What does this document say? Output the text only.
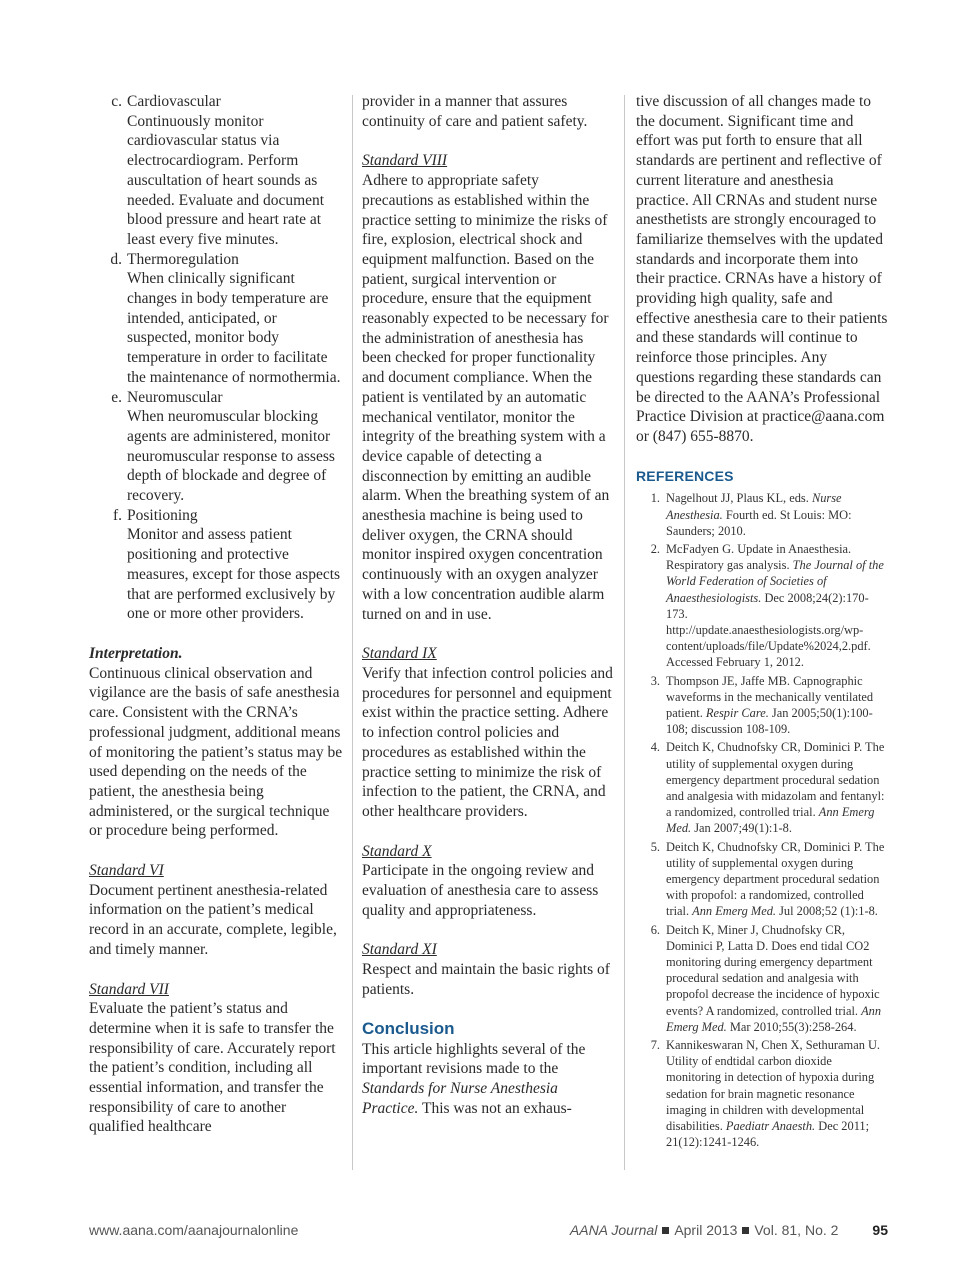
c. Cardiovascular
Continuously monitor cardiovascular status via electrocardiogram. Perform auscultation of heart sounds as needed. Evaluate and document blood pressure and heart rate at least every five minutes.
d. Thermoregulation
When clinically significant changes in body temperature are intended, anticipated, or suspected, monitor body temperature in order to facilitate the maintenance of normothermia.
e. Neuromuscular
When neuromuscular blocking agents are administered, monitor neuromuscular response to assess depth of blockade and degree of recovery.
f. Positioning
Monitor and assess patient positioning and protective measures, except for those aspects that are performed exclusively by one or more other providers.

Interpretation.

Continuous clinical observation and vigilance are the basis of safe anesthesia care. Consistent with the CRNA’s professional judgment, additional means of monitoring the patient’s status may be used depending on the needs of the patient, the anesthesia being administered, or the surgical technique or procedure being performed.

Standard VI

Document pertinent anesthesia-related information on the patient’s medical record in an accurate, complete, legible, and timely manner.

Standard VII

Evaluate the patient’s status and determine when it is safe to transfer the responsibility of care. Accurately report the patient’s condition, including all essential information, and transfer the responsibility of care to another qualified healthcare

provider in a manner that assures continuity of care and patient safety.

Standard VIII

Adhere to appropriate safety precautions as established within the practice setting to minimize the risks of fire, explosion, electrical shock and equipment malfunction. Based on the patient, surgical intervention or procedure, ensure that the equipment reasonably expected to be necessary for the administration of anesthesia has been checked for proper functionality and document compliance. When the patient is ventilated by an automatic mechanical ventilator, monitor the integrity of the breathing system with a device capable of detecting a disconnection by emitting an audible alarm. When the breathing system of an anesthesia machine is being used to deliver oxygen, the CRNA should monitor inspired oxygen concentration continuously with an oxygen analyzer with a low concentration audible alarm turned on and in use.

Standard IX

Verify that infection control policies and procedures for personnel and equipment exist within the practice setting. Adhere to infection control policies and procedures as established within the practice setting to minimize the risk of infection to the patient, the CRNA, and other healthcare providers.

Standard X

Participate in the ongoing review and evaluation of anesthesia care to assess quality and appropriateness.

Standard XI

Respect and maintain the basic rights of patients.

Conclusion

This article highlights several of the important revisions made to the Standards for Nurse Anesthesia Practice. This was not an exhaus-

tive discussion of all changes made to the document. Significant time and effort was put forth to ensure that all standards are pertinent and reflective of current literature and anesthesia practice. All CRNAs and student nurse anesthetists are strongly encouraged to familiarize themselves with the updated standards and incorporate them into their practice. CRNAs have a history of providing high quality, safe and effective anesthesia care to their patients and these standards will continue to reinforce those principles. Any questions regarding these standards can be directed to the AANA’s Professional Practice Division at practice@aana.com or (847) 655-8870.

REFERENCES

1. Nagelhout JJ, Plaus KL, eds. Nurse Anesthesia. Fourth ed. St Louis: MO: Saunders; 2010.
2. McFadyen G. Update in Anaesthesia. Respiratory gas analysis. The Journal of the World Federation of Societies of Anaesthesiologists. Dec 2008;24(2):170-173. http://update.anaesthesiologists.org/wp-content/uploads/file/Update%2024,2.pdf. Accessed February 1, 2012.
3. Thompson JE, Jaffe MB. Capnographic waveforms in the mechanically ventilated patient. Respir Care. Jan 2005;50(1):100-108; discussion 108-109.
4. Deitch K, Chudnofsky CR, Dominici P. The utility of supplemental oxygen during emergency department procedural sedation and analgesia with midazolam and fentanyl: a randomized, controlled trial. Ann Emerg Med. Jan 2007;49(1):1-8.
5. Deitch K, Chudnofsky CR, Dominici P. The utility of supplemental oxygen during emergency department procedural sedation with propofol: a randomized, controlled trial. Ann Emerg Med. Jul 2008;52 (1):1-8.
6. Deitch K, Miner J, Chudnofsky CR, Dominici P, Latta D. Does end tidal CO2 monitoring during emergency department procedural sedation and analgesia with propofol decrease the incidence of hypoxic events? A randomized, controlled trial. Ann Emerg Med. Mar 2010;55(3):258-264.
7. Kannikeswaran N, Chen X, Sethuraman U. Utility of endtidal carbon dioxide monitoring in detection of hypoxia during sedation for brain magnetic resonance imaging in children with developmental disabilities. Paediatr Anaesth. Dec 2011; 21(12):1241-1246.
www.aana.com/aanajournalonline	AANA Journal April 2013 Vol. 81, No. 2 95
